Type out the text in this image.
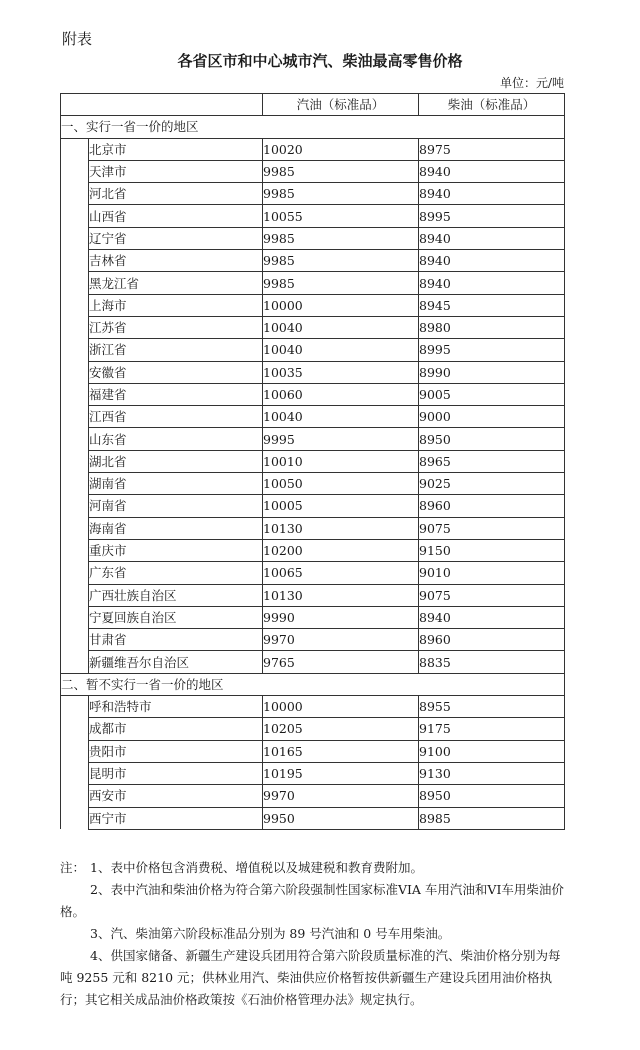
附表
各省区市和中心城市汽、柴油最高零售价格
单位：元/吨
		汽油（标准品）	柴油（标准品）
一、实行一省一价的地区			
	北京市	10020	8975
	天津市	9985	8940
	河北省	9985	8940
	山西省	10055	8995
	辽宁省	9985	8940
	吉林省	9985	8940
	黑龙江省	9985	8940
	上海市	10000	8945
	江苏省	10040	8980
	浙江省	10040	8995
	安徽省	10035	8990
	福建省	10060	9005
	江西省	10040	9000
	山东省	9995	8950
	湖北省	10010	8965
	湖南省	10050	9025
	河南省	10005	8960
	海南省	10130	9075
	重庆市	10200	9150
	广东省	10065	9010
	广西壮族自治区	10130	9075
	宁夏回族自治区	9990	8940
	甘肃省	9970	8960
	新疆维吾尔自治区	9765	8835
二、暂不实行一省一价的地区			
	呼和浩特市	10000	8955
	成都市	10205	9175
	贵阳市	10165	9100
	昆明市	10195	9130
	西安市	9970	8950
	西宁市	9950	8985
注： 1、表中价格包含消费税、增值税以及城建税和教育费附加。
2、表中汽油和柴油价格为符合第六阶段强制性国家标准VIA 车用汽油和VI车用柴油价格。
3、汽、柴油第六阶段标准品分别为 89 号汽油和 0 号车用柴油。
4、供国家储备、新疆生产建设兵团用符合第六阶段质量标准的汽、柴油价格分别为每吨 9255 元和 8210 元；供林业用汽、柴油供应价格暂按供新疆生产建设兵团用油价格执行；其它相关成品油价格政策按《石油价格管理办法》规定执行。
